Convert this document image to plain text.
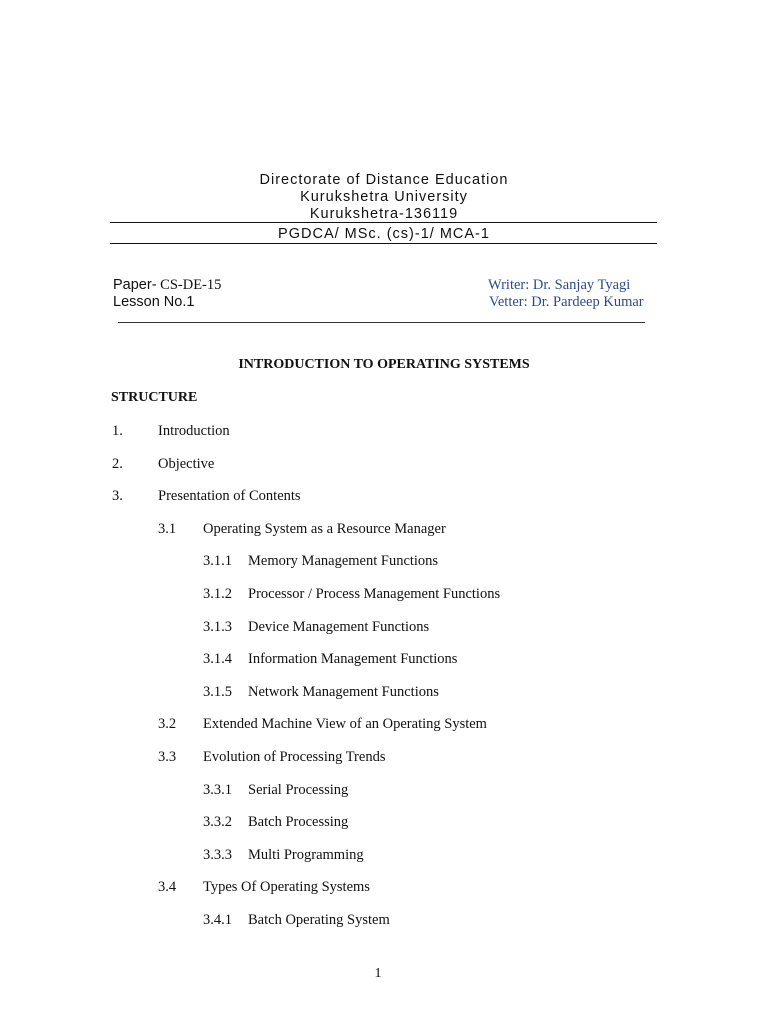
Directorate of Distance Education
Kurukshetra University
Kurukshetra-136119
PGDCA/ MSc. (cs)-1/ MCA-1
Paper- CS-DE-15
Lesson No.1
Writer: Dr. Sanjay Tyagi
Vetter: Dr. Pardeep Kumar
INTRODUCTION TO OPERATING SYSTEMS
STRUCTURE
1. Introduction
2. Objective
3. Presentation of Contents
3.1 Operating System as a Resource Manager
3.1.1 Memory Management Functions
3.1.2 Processor / Process Management Functions
3.1.3 Device Management Functions
3.1.4 Information Management Functions
3.1.5 Network Management Functions
3.2 Extended Machine View of an Operating System
3.3 Evolution of Processing Trends
3.3.1 Serial Processing
3.3.2 Batch Processing
3.3.3 Multi Programming
3.4 Types Of Operating Systems
3.4.1 Batch Operating System
1
